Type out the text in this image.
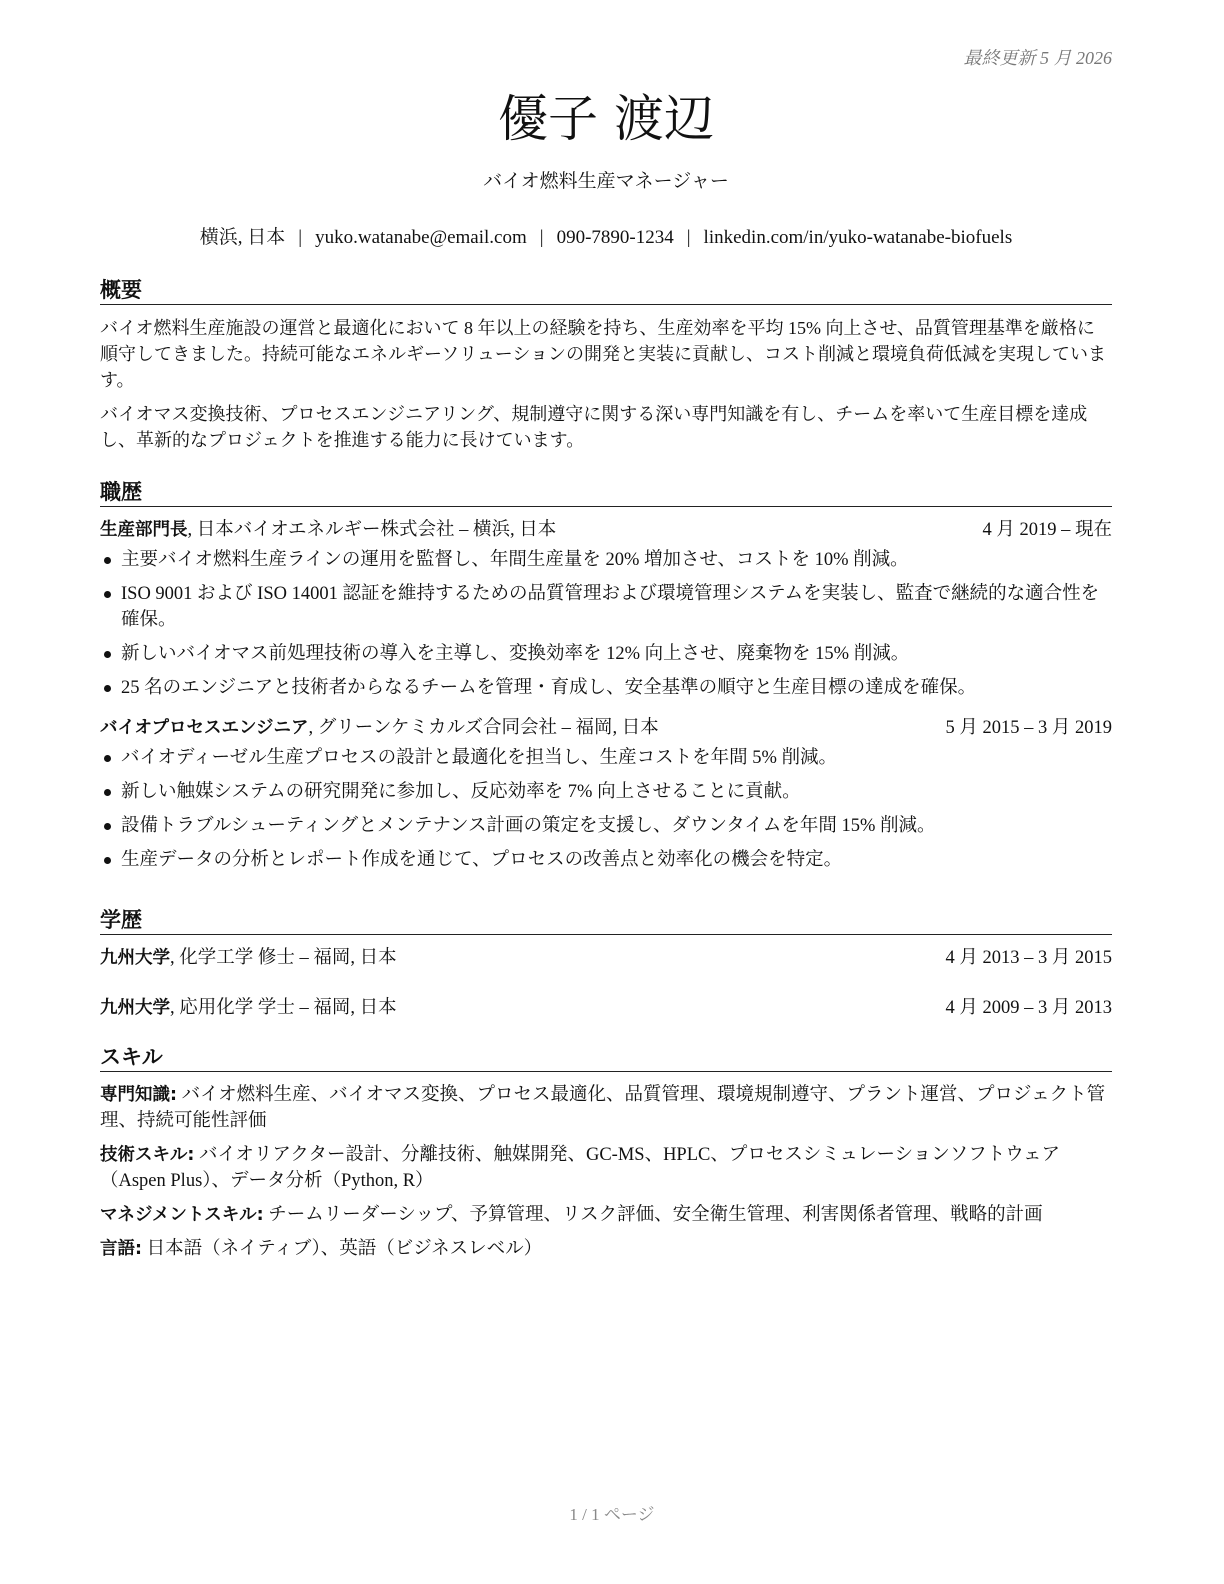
最終更新 5 月 2026
優子 渡辺
バイオ燃料生産マネージャー
横浜, 日本 | yuko.watanabe@email.com | 090-7890-1234 | linkedin.com/in/yuko-watanabe-biofuels
概要

バイオ燃料生産施設の運営と最適化において 8 年以上の経験を持ち、生産効率を平均 15% 向上させ、品質管理基準を厳格に順守してきました。持続可能なエネルギーソリューションの開発と実装に貢献し、コスト削減と環境負荷低減を実現しています。

バイオマス変換技術、プロセスエンジニアリング、規制遵守に関する深い専門知識を有し、チームを率いて生産目標を達成し、革新的なプロジェクトを推進する能力に長けています。

職歴
生産部門長, 日本バイオエネルギー株式会社 – 横浜, 日本	4 月 2019 – 現在
主要バイオ燃料生産ラインの運用を監督し、年間生産量を 20% 増加させ、コストを 10% 削減。
ISO 9001 および ISO 14001 認証を維持するための品質管理および環境管理システムを実装し、監査で継続的な適合性を確保。
新しいバイオマス前処理技術の導入を主導し、変換効率を 12% 向上させ、廃棄物を 15% 削減。
25 名のエンジニアと技術者からなるチームを管理・育成し、安全基準の順守と生産目標の達成を確保。
バイオプロセスエンジニア, グリーンケミカルズ合同会社 – 福岡, 日本	5 月 2015 – 3 月 2019
バイオディーゼル生産プロセスの設計と最適化を担当し、生産コストを年間 5% 削減。
新しい触媒システムの研究開発に参加し、反応効率を 7% 向上させることに貢献。
設備トラブルシューティングとメンテナンス計画の策定を支援し、ダウンタイムを年間 15% 削減。
生産データの分析とレポート作成を通じて、プロセスの改善点と効率化の機会を特定。
学歴
九州大学, 化学工学 修士 – 福岡, 日本	4 月 2013 – 3 月 2015
九州大学, 応用化学 学士 – 福岡, 日本	4 月 2009 – 3 月 2013
スキル
専門知識: バイオ燃料生産、バイオマス変換、プロセス最適化、品質管理、環境規制遵守、プラント運営、プロジェクト管理、持続可能性評価
技術スキル: バイオリアクター設計、分離技術、触媒開発、GC-MS、HPLC、プロセスシミュレーションソフトウェア（Aspen Plus）、データ分析（Python, R）
マネジメントスキル: チームリーダーシップ、予算管理、リスク評価、安全衛生管理、利害関係者管理、戦略的計画
言語: 日本語（ネイティブ）、英語（ビジネスレベル）
1 / 1 ページ
